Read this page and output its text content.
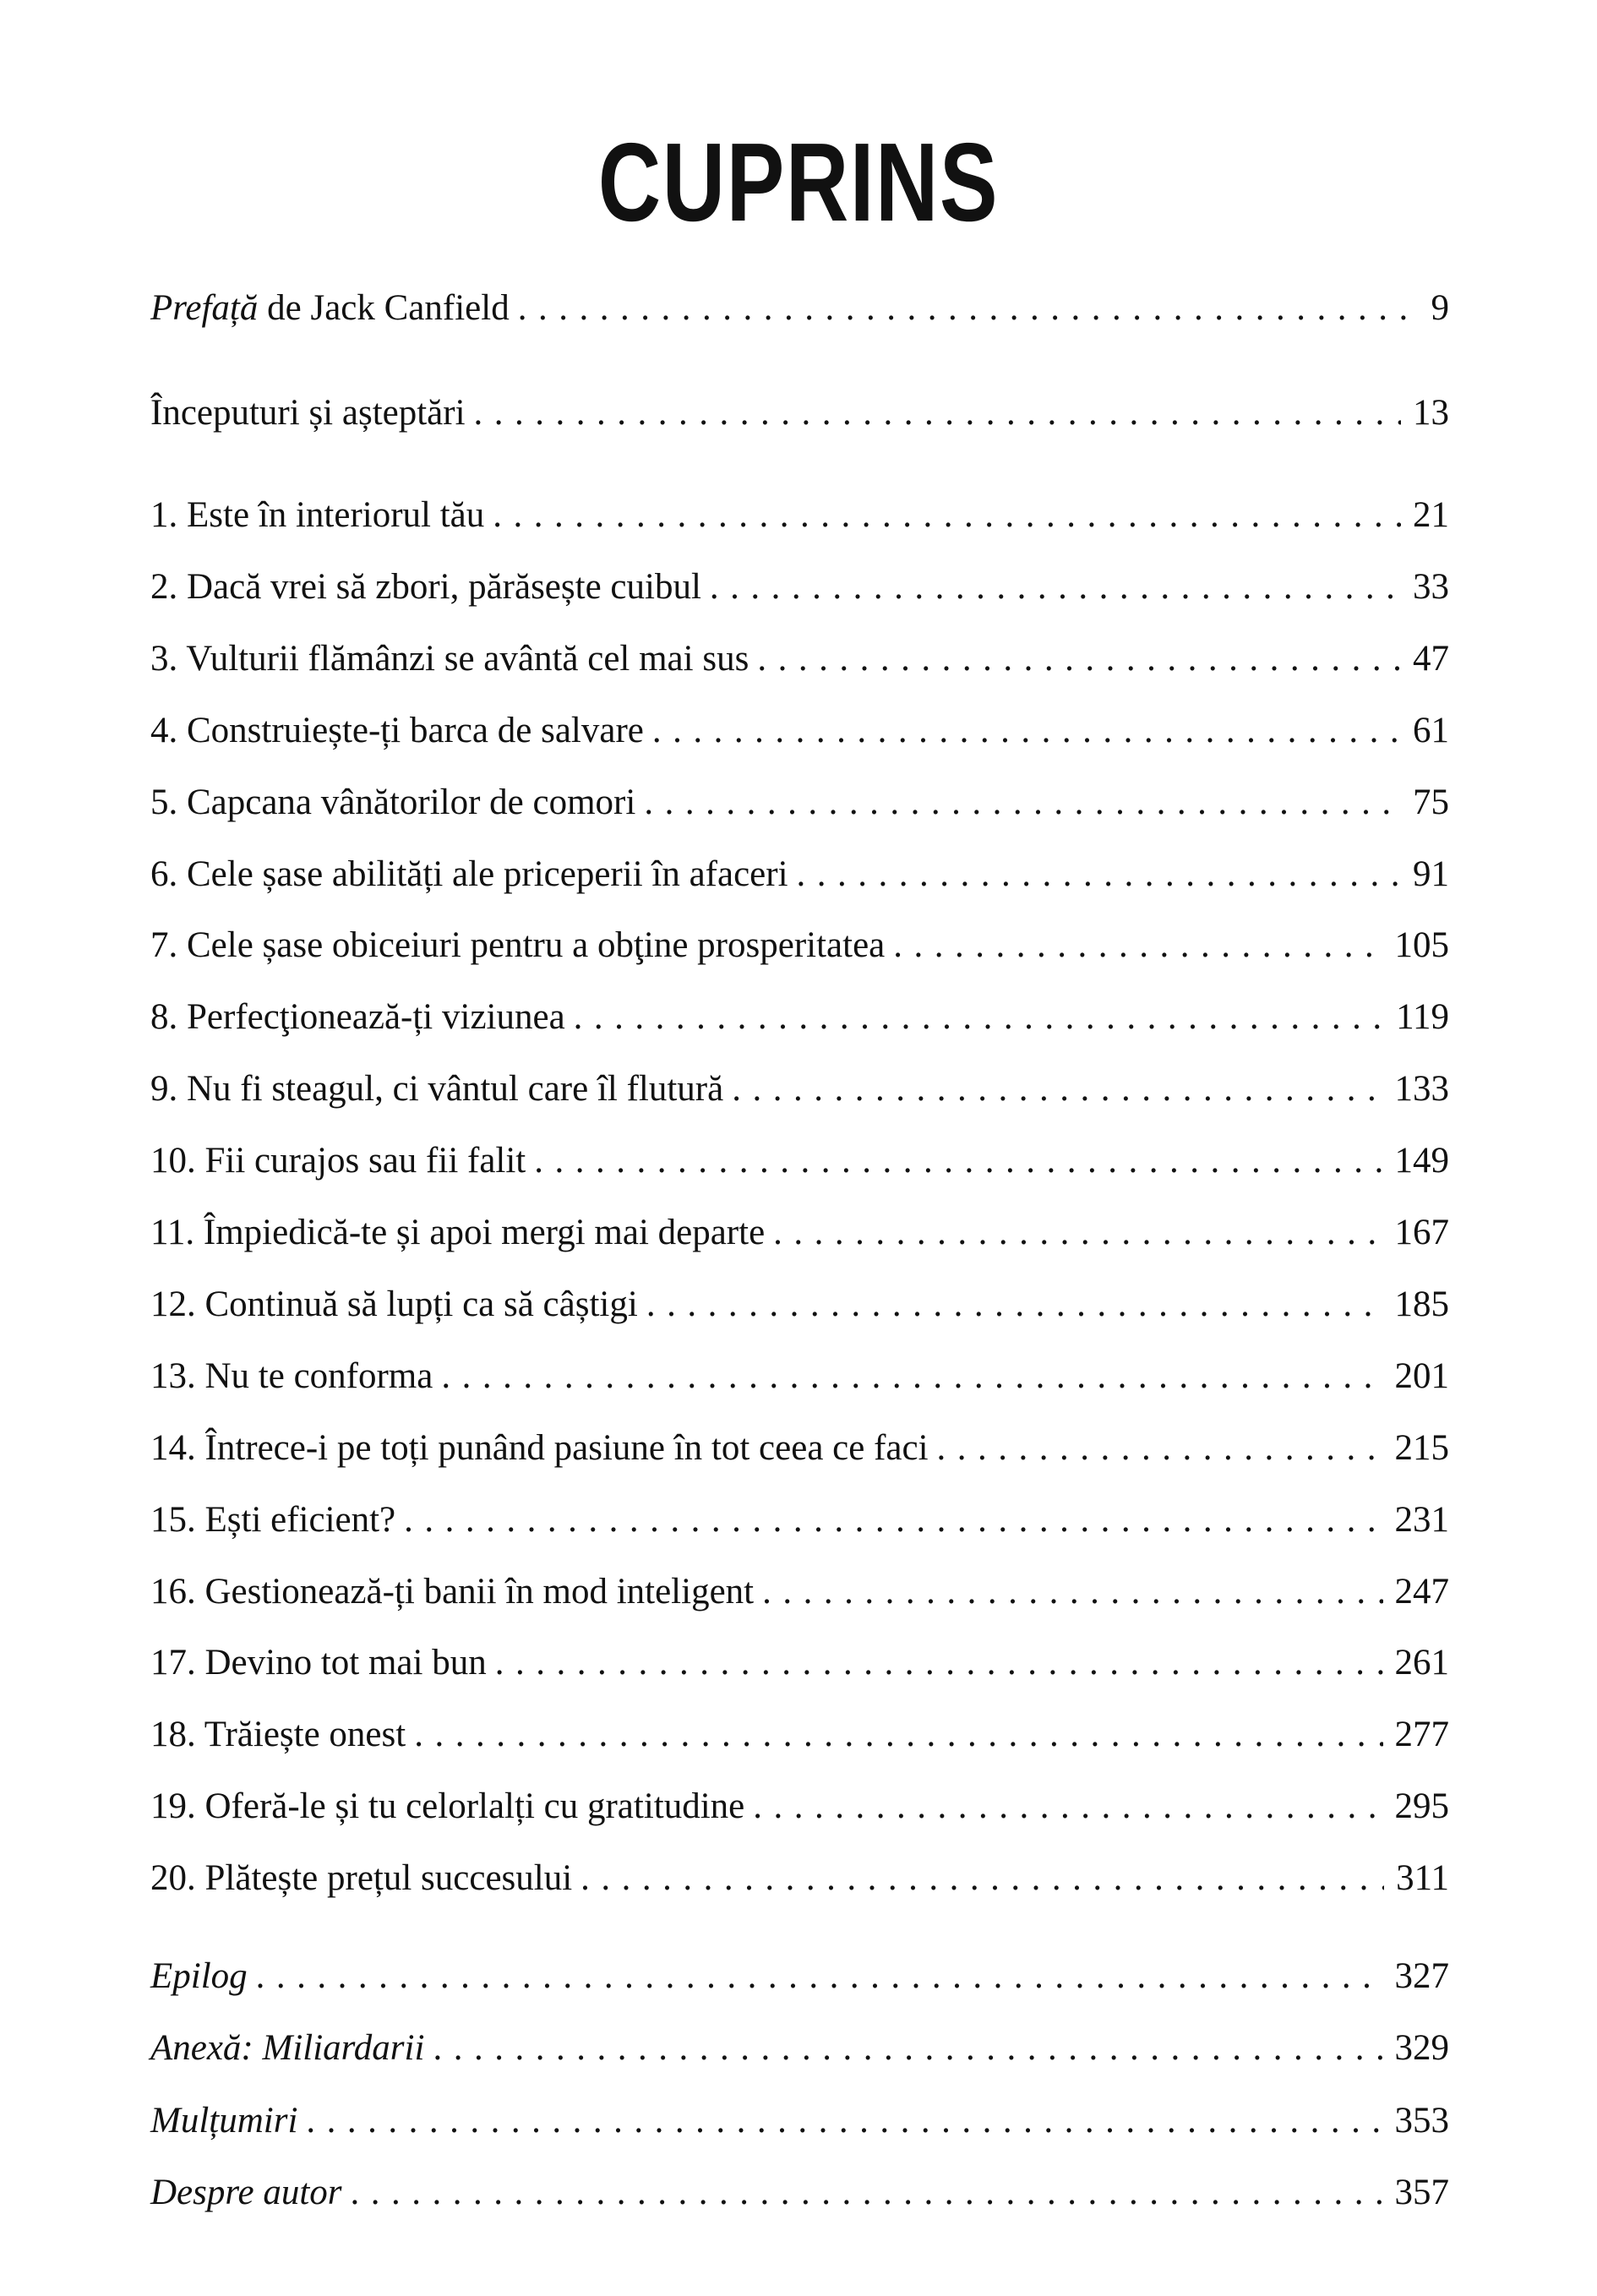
CUPRINS
Prefață de Jack Canfield .....	9
Începuturi și așteptări .....	13
1. Este în interiorul tău .....	21
2. Dacă vrei să zbori, părăsește cuibul .....	33
3. Vulturii flămânzi se avântă cel mai sus .....	47
4. Construiește-ți barca de salvare .....	61
5. Capcana vânătorilor de comori .....	75
6. Cele șase abilități ale priceperii în afaceri .....	91
7. Cele șase obiceiuri pentru a obţine prosperitatea .....	105
8. Perfecţionează-ți viziunea .....	119
9. Nu fi steagul, ci vântul care îl flutură .....	133
10. Fii curajos sau fii falit .....	149
11. Împiedică-te și apoi mergi mai departe .....	167
12. Continuă să lupți ca să câștigi .....	185
13. Nu te conforma .....	201
14. Întrece-i pe toți punând pasiune în tot ceea ce faci .....	215
15. Ești eficient? .....	231
16. Gestionează-ți banii în mod inteligent .....	247
17. Devino tot mai bun .....	261
18. Trăiește onest .....	277
19. Oferă-le și tu celorlalți cu gratitudine .....	295
20. Plătește prețul succesului .....	311
Epilog .....	327
Anexă: Miliardarii .....	329
Mulțumiri .....	353
Despre autor .....	357
